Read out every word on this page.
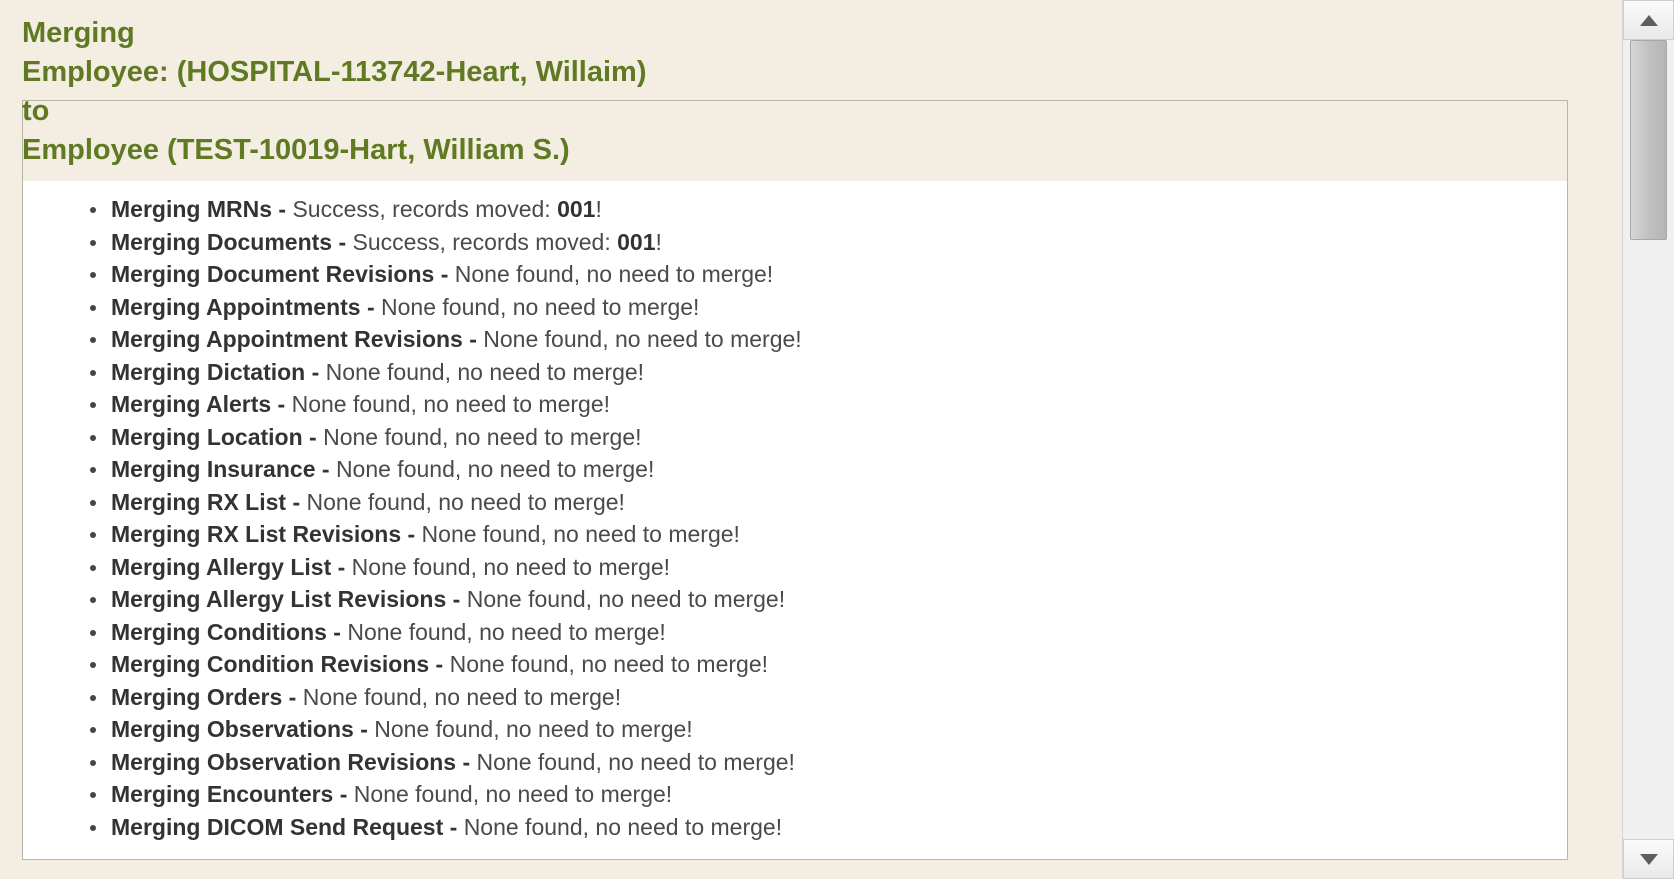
Merging MRNs - Success, records moved: 001!
Merging Documents - Success, records moved: 001!
Merging Document Revisions - None found, no need to merge!
Merging Appointments - None found, no need to merge!
Merging Appointment Revisions - None found, no need to merge!
Merging Dictation - None found, no need to merge!
Merging Alerts - None found, no need to merge!
Merging Location - None found, no need to merge!
Merging Insurance - None found, no need to merge!
Merging RX List - None found, no need to merge!
Merging RX List Revisions - None found, no need to merge!
Merging Allergy List - None found, no need to merge!
Merging Allergy List Revisions - None found, no need to merge!
Merging Conditions - None found, no need to merge!
Merging Condition Revisions - None found, no need to merge!
Merging Orders - None found, no need to merge!
Merging Observations - None found, no need to merge!
Merging Observation Revisions - None found, no need to merge!
Merging Encounters - None found, no need to merge!
Merging DICOM Send Request - None found, no need to merge!
Merging
Employee: (HOSPITAL-113742-Heart, Willaim)
to
Employee (TEST-10019-Hart, William S.)
